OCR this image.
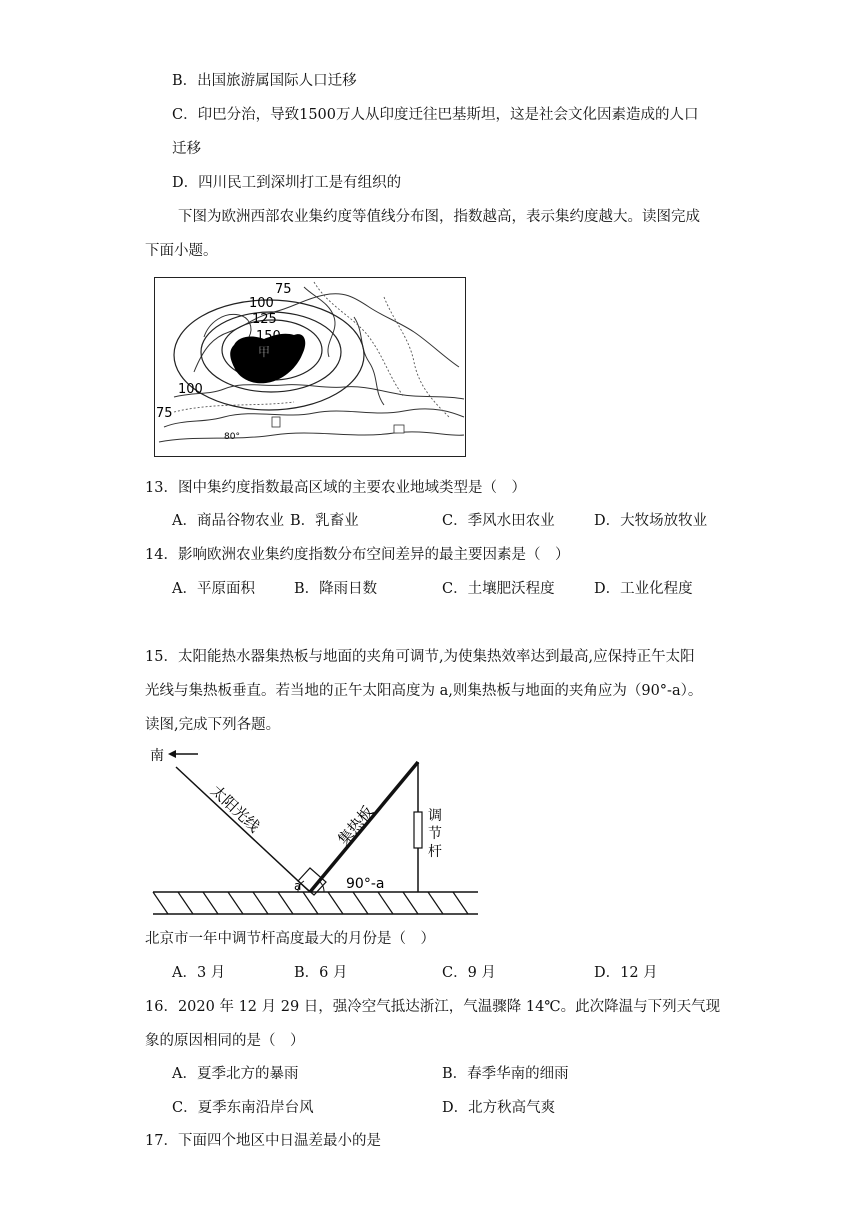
B．出国旅游属国际人口迁移
C．印巴分治，导致1500万人从印度迁往巴基斯坦，这是社会文化因素造成的人口
迁移
D．四川民工到深圳打工是有组织的
下图为欧洲西部农业集约度等值线分布图，指数越高，表示集约度越大。读图完成
下面小题。
75
100
125
150
甲
100
75
80°
13．图中集约度指数最高区域的主要农业地域类型是（　）
A．商品谷物农业 B．乳畜业	C．季风水田农业	D．大牧场放牧业
14．影响欧洲农业集约度指数分布空间差异的最主要因素是（　）
A．平原面积	B．降雨日数	C．土壤肥沃程度	D．工业化程度
15．太阳能热水器集热板与地面的夹角可调节,为使集热效率达到最高,应保持正午太阳
光线与集热板垂直。若当地的正午太阳高度为 a,则集热板与地面的夹角应为（90°-a）。
读图,完成下列各题。
南
太阳光线	集热板	调
节
杆
a	90°-a
北京市一年中调节杆高度最大的月份是（　）
A．3 月	B．6 月	C．9 月	D．12 月
16．2020 年 12 月 29 日，强冷空气抵达浙江，气温骤降 14℃。此次降温与下列天气现
象的原因相同的是（　）
A．夏季北方的暴雨	B．春季华南的细雨
C．夏季东南沿岸台风	D．北方秋高气爽
17．下面四个地区中日温差最小的是
